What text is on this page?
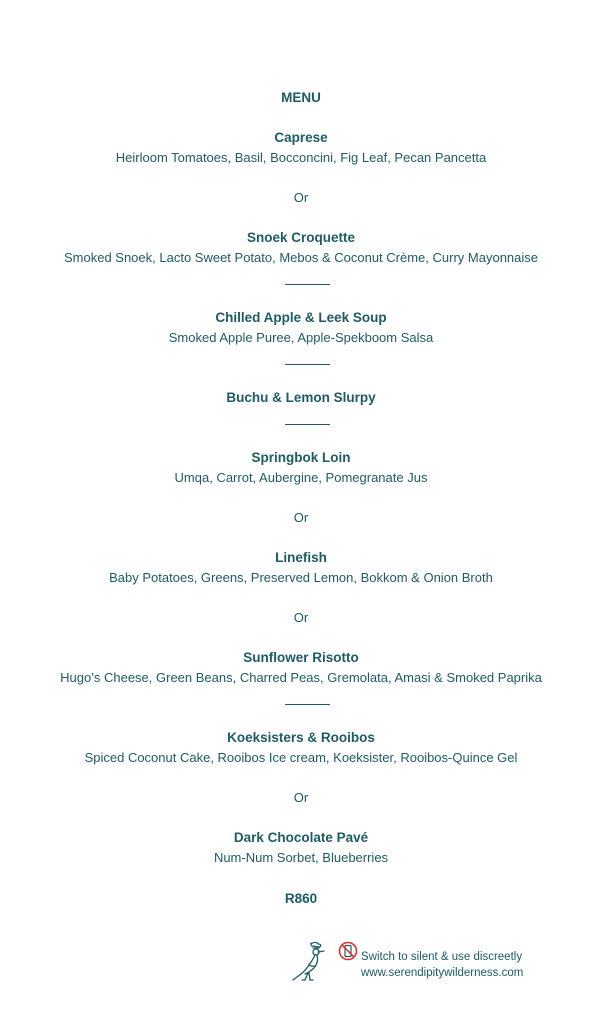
MENU
Caprese
Heirloom Tomatoes, Basil, Bocconcini, Fig Leaf, Pecan Pancetta
Or
Snoek Croquette
Smoked Snoek, Lacto Sweet Potato, Mebos & Coconut Crème, Curry Mayonnaise
Chilled Apple & Leek Soup
Smoked Apple Puree, Apple-Spekboom Salsa
Buchu & Lemon Slurpy
Springbok Loin
Umqa, Carrot, Aubergine, Pomegranate Jus
Or
Linefish
Baby Potatoes, Greens, Preserved Lemon, Bokkom & Onion Broth
Or
Sunflower Risotto
Hugo’s Cheese, Green Beans, Charred Peas, Gremolata, Amasi & Smoked Paprika
Koeksisters & Rooibos
Spiced Coconut Cake, Rooibos Ice cream, Koeksister, Rooibos-Quince Gel
Or
Dark Chocolate Pavé
Num-Num Sorbet, Blueberries
R860
Switch to silent & use discreetly
www.serendipitywilderness.com
